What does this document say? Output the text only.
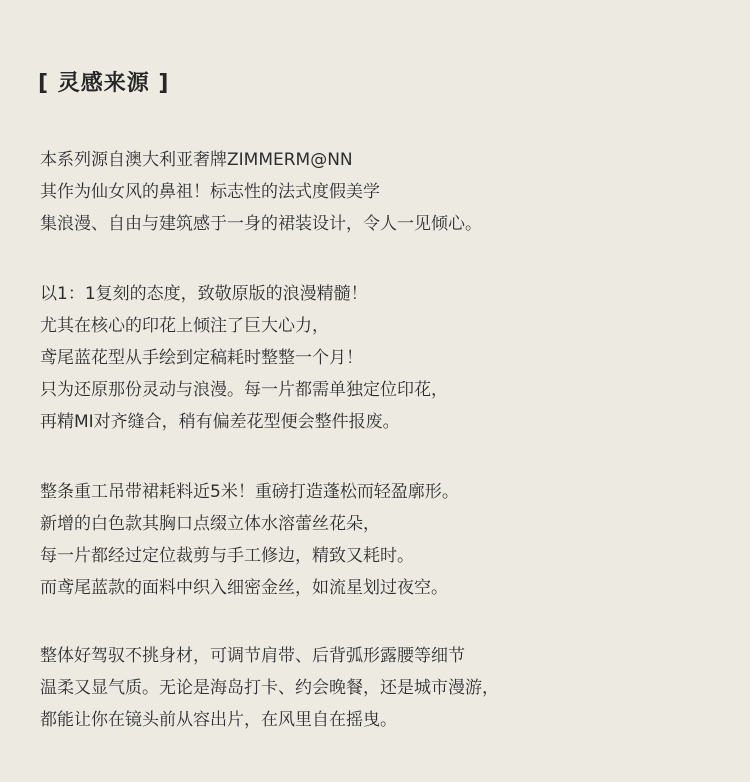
[ 灵感来源 ]
本系列源自澳大利亚奢牌ZIMMERM@NN
其作为仙女风的鼻祖！标志性的法式度假美学
集浪漫、自由与建筑感于一身的裙装设计，令人一见倾心。
以1：1复刻的态度，致敬原版的浪漫精髓！
尤其在核心的印花上倾注了巨大心力，
鸢尾蓝花型从手绘到定稿耗时整整一个月！
只为还原那份灵动与浪漫。每一片都需单独定位印花，
再精MI对齐缝合，稍有偏差花型便会整件报废。
整条重工吊带裙耗料近5米！重磅打造蓬松而轻盈廓形。
新增的白色款其胸口点缀立体水溶蕾丝花朵，
每一片都经过定位裁剪与手工修边，精致又耗时。
而鸢尾蓝款的面料中织入细密金丝，如流星划过夜空。
整体好驾驭不挑身材，可调节肩带、后背弧形露腰等细节
温柔又显气质。无论是海岛打卡、约会晚餐，还是城市漫游，
都能让你在镜头前从容出片，在风里自在摇曳。
